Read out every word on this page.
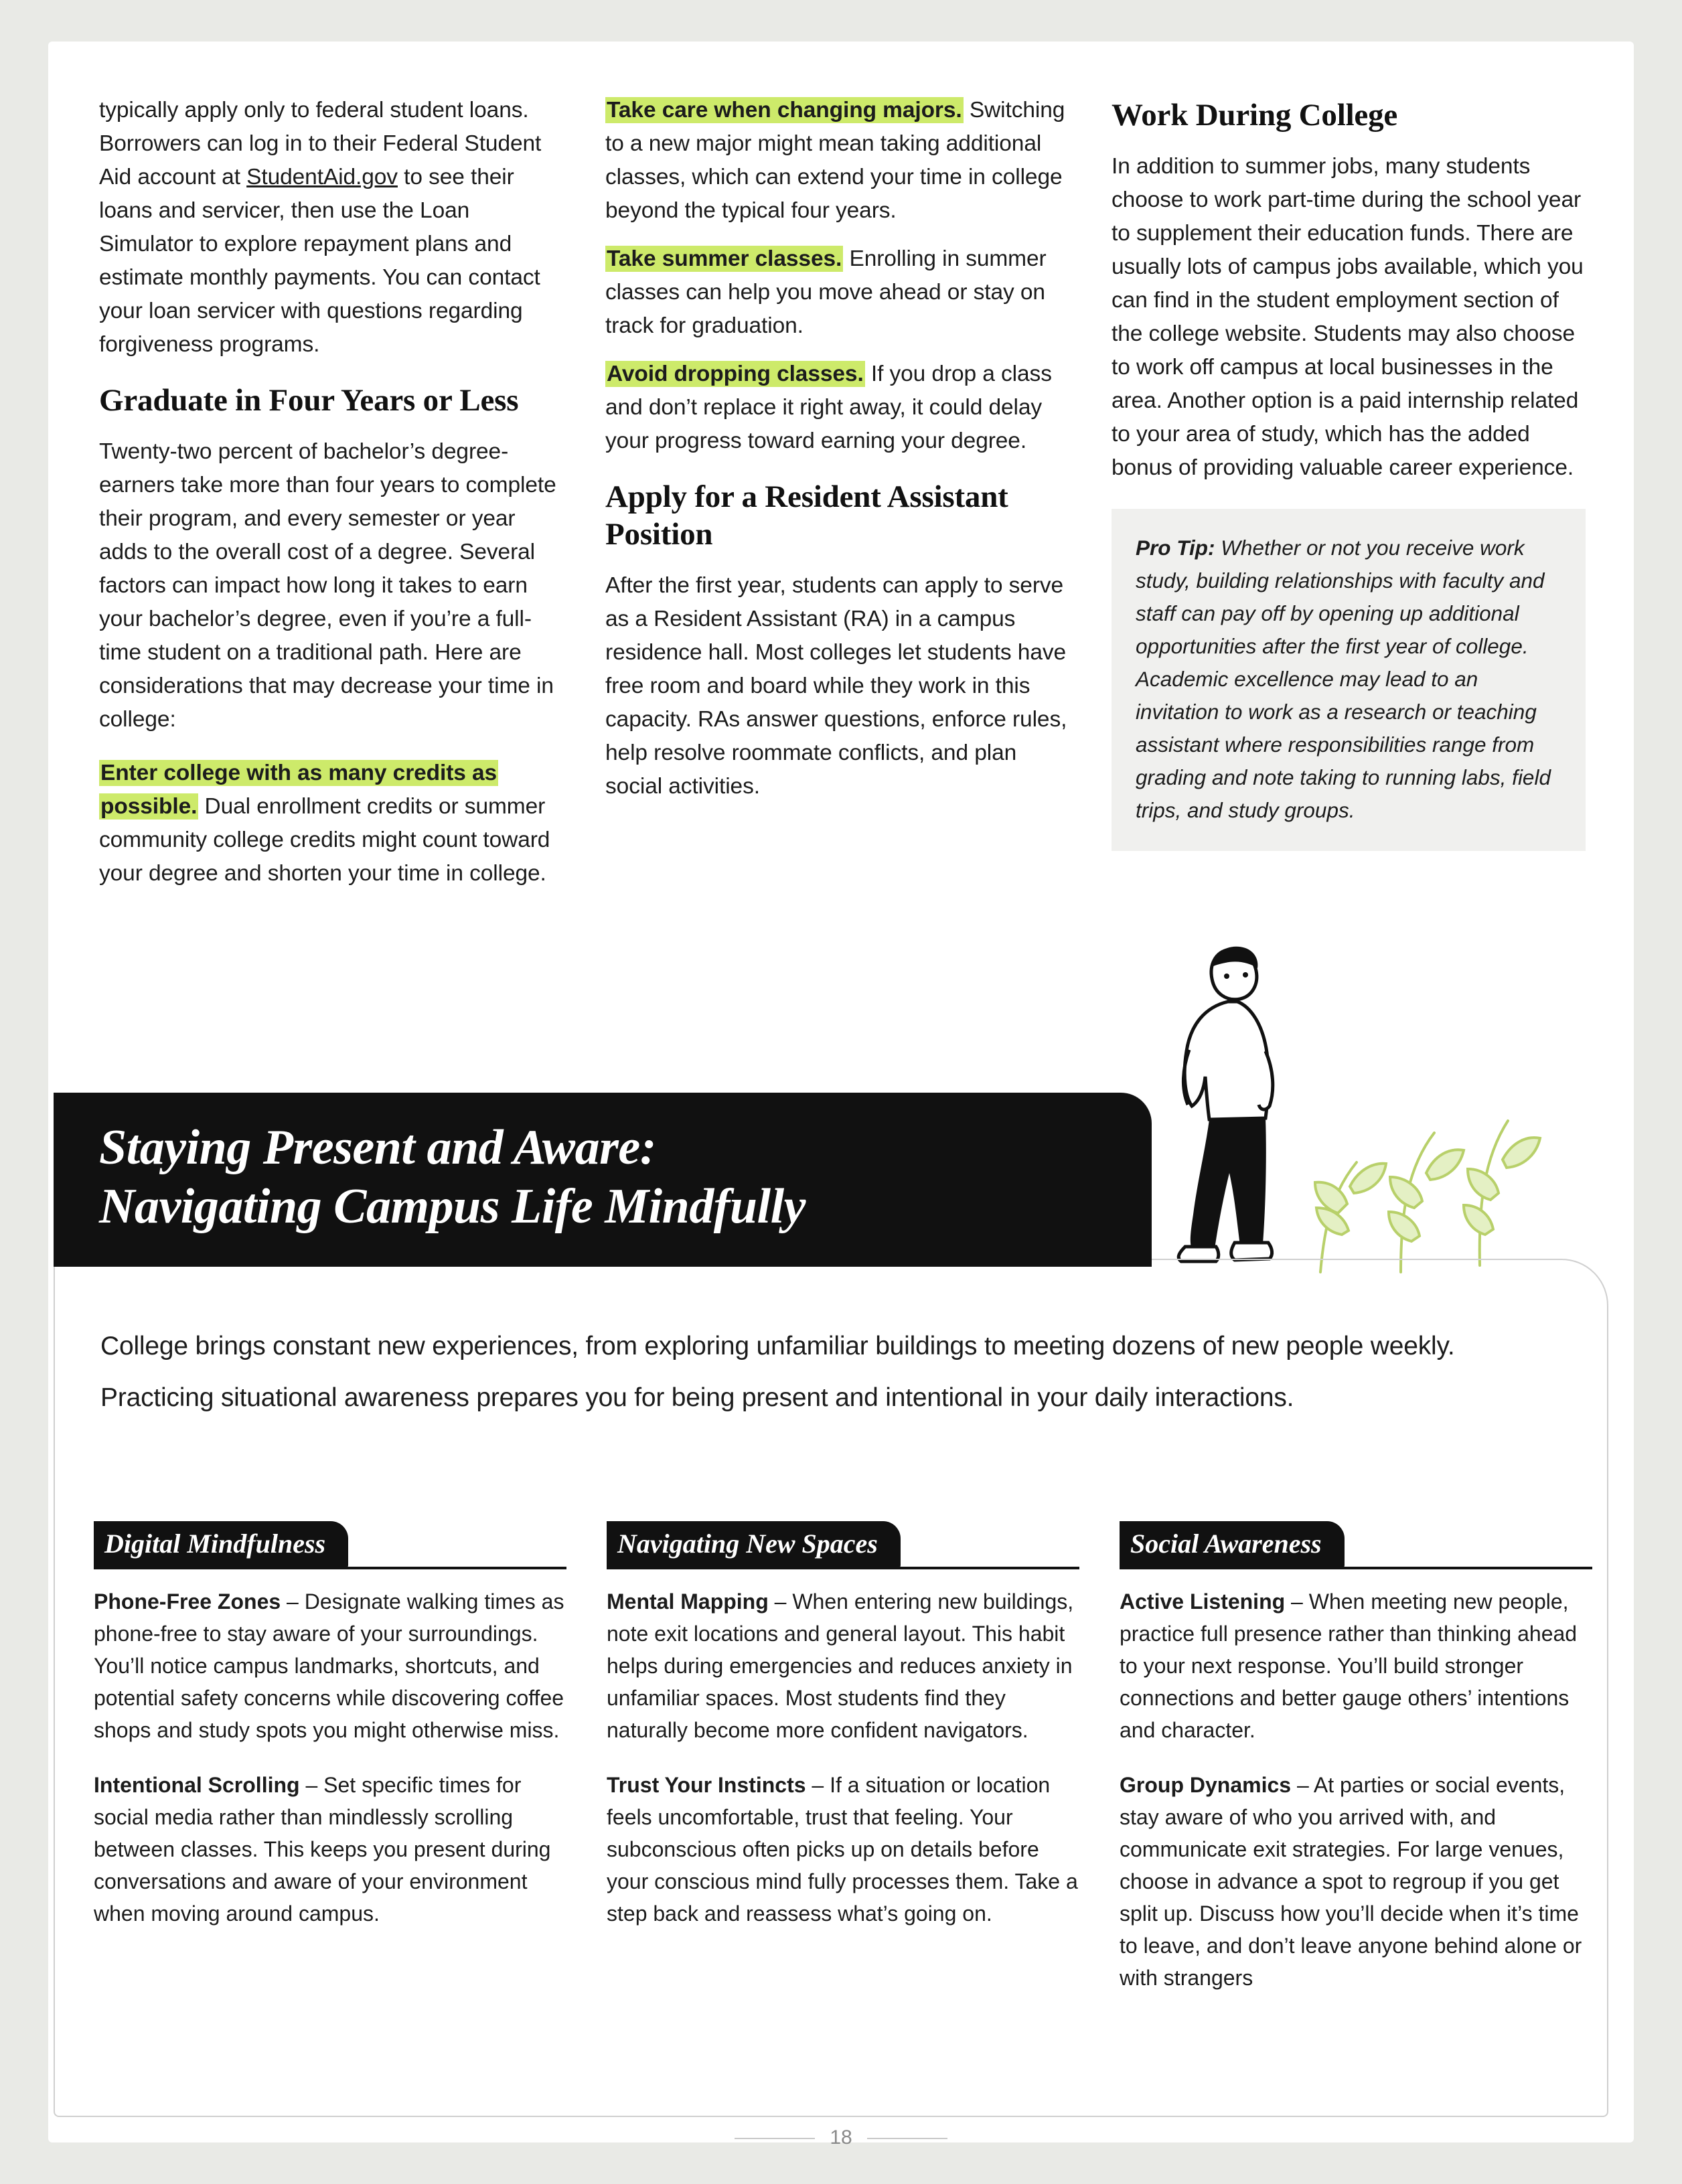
typically apply only to federal student loans. Borrowers can log in to their Federal Student Aid account at StudentAid.gov to see their loans and servicer, then use the Loan Simulator to explore repayment plans and estimate monthly payments. You can contact your loan servicer with questions regarding forgiveness programs.

Graduate in Four Years or Less

Twenty-two percent of bachelor’s degree-earners take more than four years to complete their program, and every semester or year adds to the overall cost of a degree. Several factors can impact how long it takes to earn your bachelor’s degree, even if you’re a full-time student on a traditional path. Here are considerations that may decrease your time in college:

Enter college with as many credits as possible. Dual enrollment credits or summer community college credits might count toward your degree and shorten your time in college.

Take care when changing majors. Switching to a new major might mean taking additional classes, which can extend your time in college beyond the typical four years.

Take summer classes. Enrolling in summer classes can help you move ahead or stay on track for graduation.

Avoid dropping classes. If you drop a class and don’t replace it right away, it could delay your progress toward earning your degree.

Apply for a Resident Assistant Position

After the first year, students can apply to serve as a Resident Assistant (RA) in a campus residence hall. Most colleges let students have free room and board while they work in this capacity. RAs answer questions, enforce rules, help resolve roommate conflicts, and plan social activities.

Work During College

In addition to summer jobs, many students choose to work part-time during the school year to supplement their education funds. There are usually lots of campus jobs available, which you can find in the student employment section of the college website. Students may also choose to work off campus at local businesses in the area. Another option is a paid internship related to your area of study, which has the added bonus of providing valuable career experience.

Pro Tip: Whether or not you receive work study, building relationships with faculty and staff can pay off by opening up additional opportunities after the first year of college. Academic excellence may lead to an invitation to work as a research or teaching assistant where responsibilities range from grading and note taking to running labs, field trips, and study groups.

Staying Present and Aware:
Navigating Campus Life Mindfully
College brings constant new experiences, from exploring unfamiliar buildings to meeting dozens of new people weekly. Practicing situational awareness prepares you for being present and intentional in your daily interactions.
Digital Mindfulness

Phone-Free Zones – Designate walking times as phone-free to stay aware of your surroundings. You’ll notice campus landmarks, shortcuts, and potential safety concerns while discovering coffee shops and study spots you might otherwise miss.

Intentional Scrolling – Set specific times for social media rather than mindlessly scrolling between classes. This keeps you present during conversations and aware of your environment when moving around campus.

Navigating New Spaces

Mental Mapping – When entering new buildings, note exit locations and general layout. This habit helps during emergencies and reduces anxiety in unfamiliar spaces. Most students find they naturally become more confident navigators.

Trust Your Instincts – If a situation or location feels uncomfortable, trust that feeling. Your subconscious often picks up on details before your conscious mind fully processes them. Take a step back and reassess what’s going on.

Social Awareness

Active Listening – When meeting new people, practice full presence rather than thinking ahead to your next response. You’ll build stronger connections and better gauge others’ intentions and character.

Group Dynamics – At parties or social events, stay aware of who you arrived with, and communicate exit strategies. For large venues, choose in advance a spot to regroup if you get split up. Discuss how you’ll decide when it’s time to leave, and don’t leave anyone behind alone or with strangers

18
